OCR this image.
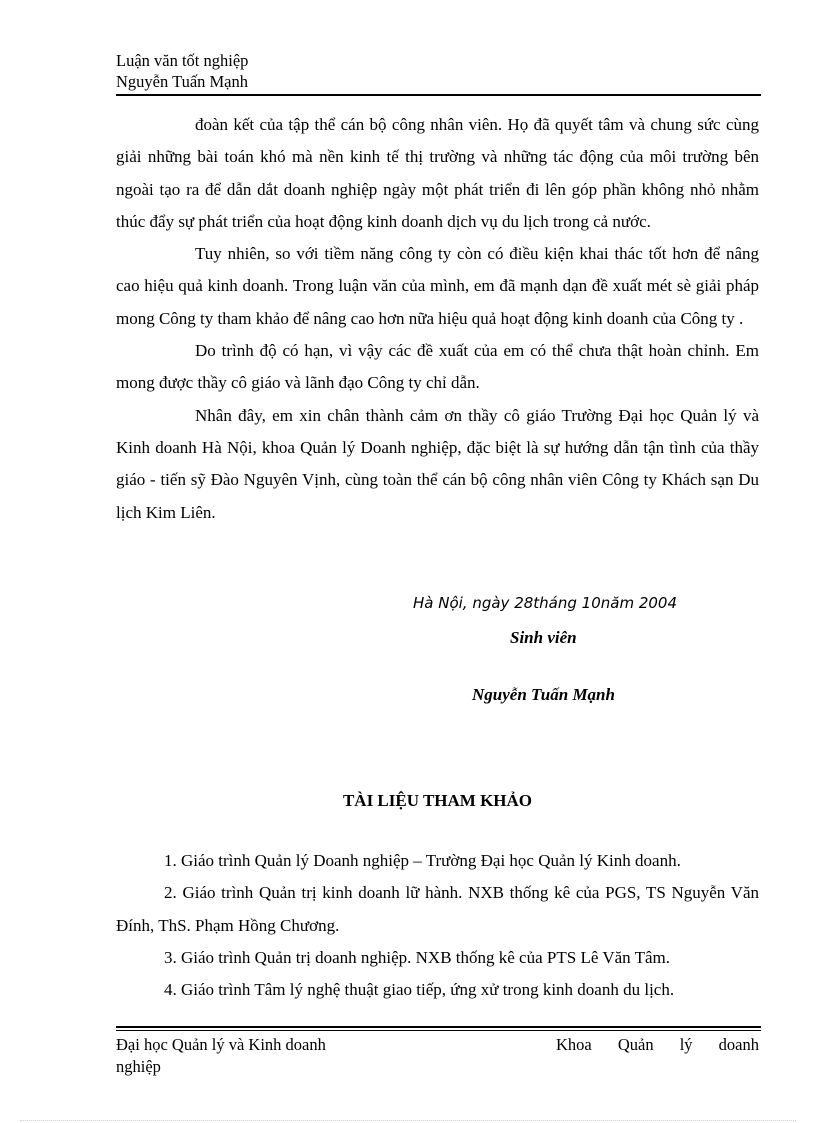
Luận văn tốt nghiệp
Nguyễn Tuấn Mạnh

đoàn kết của tập thể cán bộ công nhân viên. Họ đã quyết tâm và chung sức cùng giải những bài toán khó mà nền kinh tế thị trường và những tác động của môi trường bên ngoài tạo ra để dẫn dắt doanh nghiệp ngày một phát triển đi lên góp phần không nhỏ nhằm thúc đẩy sự phát triển của hoạt động kinh doanh dịch vụ du lịch trong cả nước.

Tuy nhiên, so với tiềm năng công ty còn có điều kiện khai thác tốt hơn để nâng cao hiệu quả kinh doanh. Trong luận văn của mình, em đã mạnh dạn đề xuất mét sè giải pháp mong Công ty tham khảo để nâng cao hơn nữa hiệu quả hoạt động kinh doanh của Công ty .

Do trình độ có hạn, vì vậy các đề xuất của em có thể chưa thật hoàn chỉnh. Em mong được thầy cô giáo và lãnh đạo Công ty chỉ dẫn.

Nhân đây, em xin chân thành cảm ơn thầy cô giáo Trường Đại học Quản lý và Kinh doanh Hà Nội, khoa Quản lý Doanh nghiệp, đặc biệt là sự hướng dẫn tận tình của thầy giáo - tiến sỹ Đào Nguyên Vịnh, cùng toàn thể cán bộ công nhân viên Công ty Khách sạn Du lịch Kim Liên.

Hà Nội, ngày 28tháng 10năm 2004
Sinh viên
Nguyễn Tuấn Mạnh
TÀI LIỆU THAM KHẢO
1. Giáo trình Quản lý Doanh nghiệp – Trường Đại học Quản lý Kinh doanh.
2. Giáo trình Quản trị kinh doanh lữ hành. NXB thống kê của PGS, TS Nguyễn Văn Đính, ThS. Phạm Hồng Chương.
3. Giáo trình Quản trị doanh nghiệp. NXB thống kê của PTS Lê Văn Tâm.
4. Giáo trình Tâm lý nghệ thuật giao tiếp, ứng xử trong kinh doanh du lịch.
Đại học Quản lý và Kinh doanh
nghiệp
Khoa Quản lý doanh
